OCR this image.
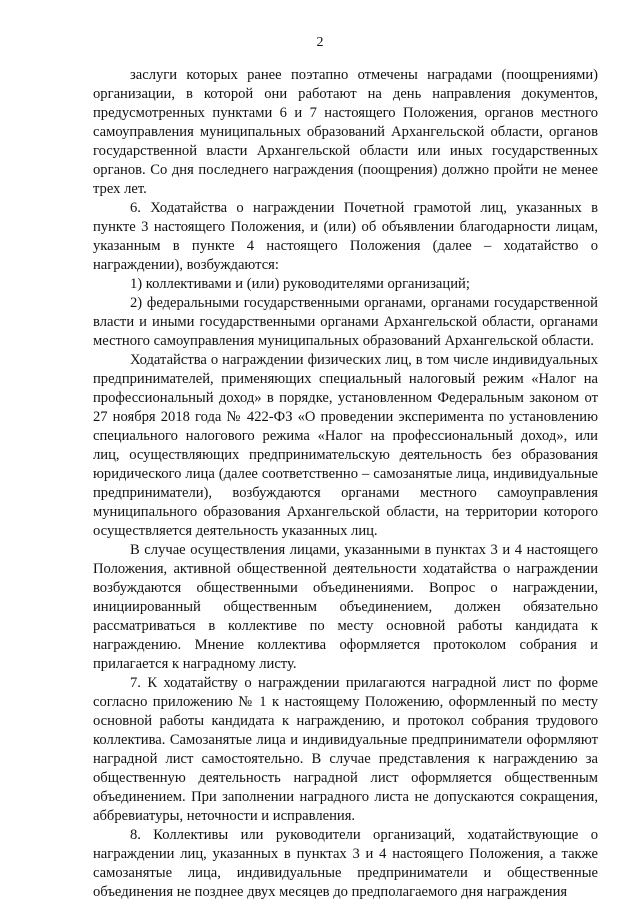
2

заслуги которых ранее поэтапно отмечены наградами (поощрениями) организации, в которой они работают на день направления документов, предусмотренных пунктами 6 и 7 настоящего Положения, органов местного самоуправления муниципальных образований Архангельской области, органов государственной власти Архангельской области или иных государственных органов. Со дня последнего награждения (поощрения) должно пройти не менее трех лет.

6. Ходатайства о награждении Почетной грамотой лиц, указанных в пункте 3 настоящего Положения, и (или) об объявлении благодарности лицам, указанным в пункте 4 настоящего Положения (далее – ходатайство о награждении), возбуждаются:

1) коллективами и (или) руководителями организаций;

2) федеральными государственными органами, органами государственной власти и иными государственными органами Архангельской области, органами местного самоуправления муниципальных образований Архангельской области.

Ходатайства о награждении физических лиц, в том числе индивидуальных предпринимателей, применяющих специальный налоговый режим «Налог на профессиональный доход» в порядке, установленном Федеральным законом от 27 ноября 2018 года № 422-ФЗ «О проведении эксперимента по установлению специального налогового режима «Налог на профессиональный доход», или лиц, осуществляющих предпринимательскую деятельность без образования юридического лица (далее соответственно – самозанятые лица, индивидуальные предприниматели), возбуждаются органами местного самоуправления муниципального образования Архангельской области, на территории которого осуществляется деятельность указанных лиц.

В случае осуществления лицами, указанными в пунктах 3 и 4 настоящего Положения, активной общественной деятельности ходатайства о награждении возбуждаются общественными объединениями. Вопрос о награждении, инициированный общественным объединением, должен обязательно рассматриваться в коллективе по месту основной работы кандидата к награждению. Мнение коллектива оформляется протоколом собрания и прилагается к наградному листу.

7. К ходатайству о награждении прилагаются наградной лист по форме согласно приложению № 1 к настоящему Положению, оформленный по месту основной работы кандидата к награждению, и протокол собрания трудового коллектива. Самозанятые лица и индивидуальные предприниматели оформляют наградной лист самостоятельно. В случае представления к награждению за общественную деятельность наградной лист оформляется общественным объединением. При заполнении наградного листа не допускаются сокращения, аббревиатуры, неточности и исправления.

8. Коллективы или руководители организаций, ходатайствующие о награждении лиц, указанных в пунктах 3 и 4 настоящего Положения, а также самозанятые лица, индивидуальные предприниматели и общественные объединения не позднее двух месяцев до предполагаемого дня награждения
